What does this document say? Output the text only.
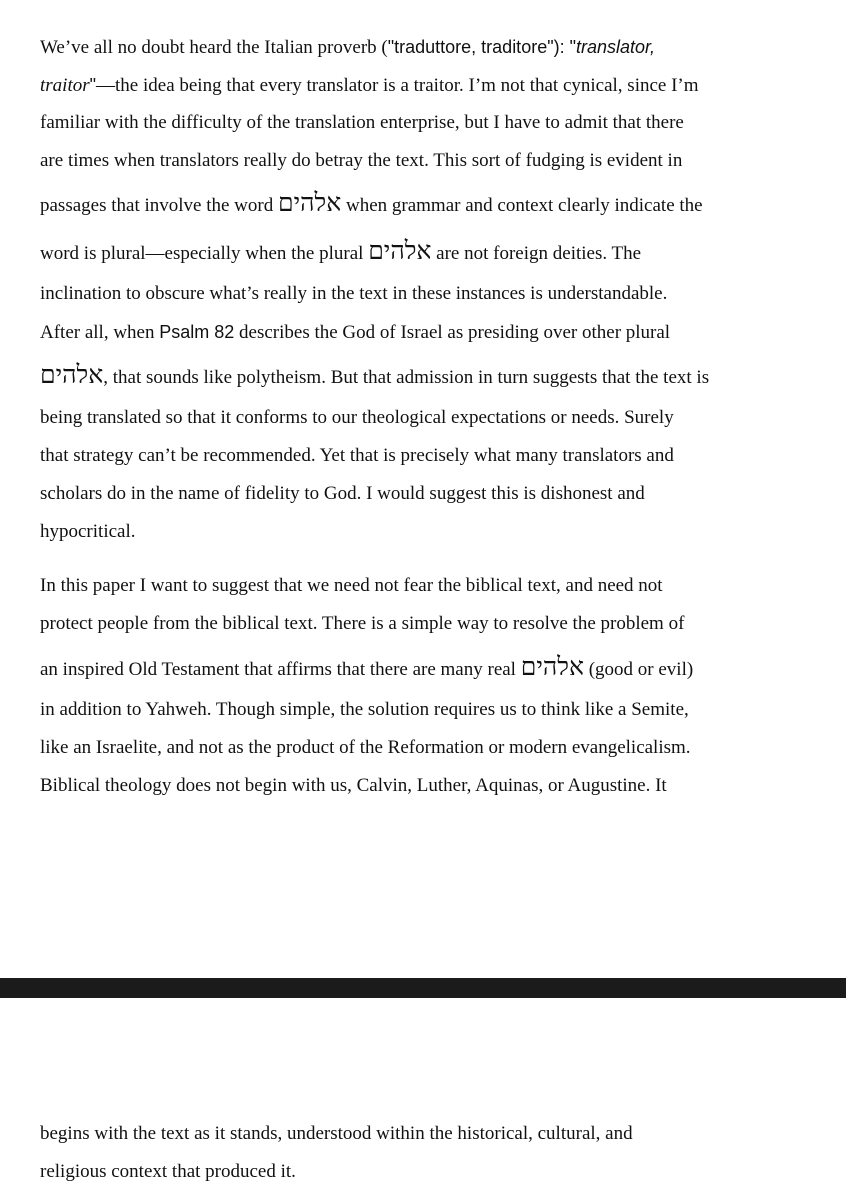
We’ve all no doubt heard the Italian proverb ("traduttore, traditore"): "translator,
traitor"—the idea being that every translator is a traitor. I’m not that cynical, since I’m
familiar with the difficulty of the translation enterprise, but I have to admit that there
are times when translators really do betray the text. This sort of fudging is evident in
passages that involve the word אלהים when grammar and context clearly indicate the
word is plural—especially when the plural אלהים are not foreign deities. The
inclination to obscure what’s really in the text in these instances is understandable.
After all, when Psalm 82 describes the God of Israel as presiding over other plural
אלהים, that sounds like polytheism. But that admission in turn suggests that the text is
being translated so that it conforms to our theological expectations or needs. Surely
that strategy can’t be recommended. Yet that is precisely what many translators and
scholars do in the name of fidelity to God. I would suggest this is dishonest and
hypocritical.
In this paper I want to suggest that we need not fear the biblical text, and need not
protect people from the biblical text. There is a simple way to resolve the problem of
an inspired Old Testament that affirms that there are many real אלהים (good or evil)
in addition to Yahweh. Though simple, the solution requires us to think like a Semite,
like an Israelite, and not as the product of the Reformation or modern evangelicalism.
Biblical theology does not begin with us, Calvin, Luther, Aquinas, or Augustine. It
begins with the text as it stands, understood within the historical, cultural, and
religious context that produced it.
